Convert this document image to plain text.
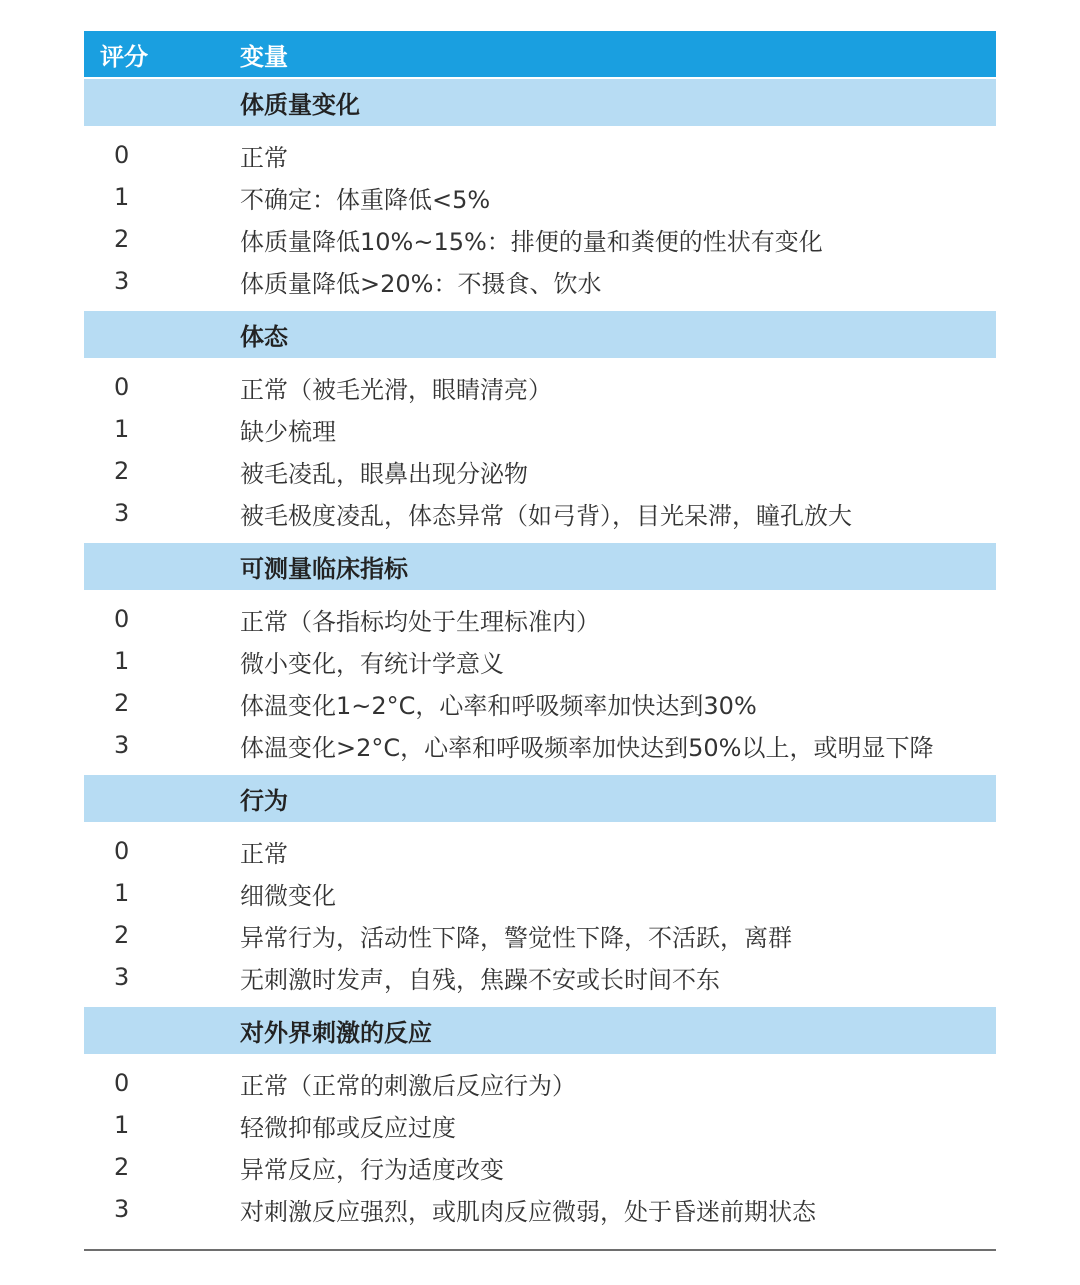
评分	变量
体质量变化
0	正常
1	不确定：体重降低<5%
2	体质量降低10%~15%：排便的量和粪便的性状有变化
3	体质量降低>20%：不摄食、饮水
体态
0	正常（被毛光滑，眼睛清亮）
1	缺少梳理
2	被毛凌乱，眼鼻出现分泌物
3	被毛极度凌乱，体态异常（如弓背），目光呆滞，瞳孔放大
可测量临床指标
0	正常（各指标均处于生理标准内）
1	微小变化，有统计学意义
2	体温变化1~2°C，心率和呼吸频率加快达到30%
3	体温变化>2°C，心率和呼吸频率加快达到50%以上，或明显下降
行为
0	正常
1	细微变化
2	异常行为，活动性下降，警觉性下降，不活跃，离群
3	无刺激时发声，自残，焦躁不安或长时间不东
对外界刺激的反应
0	正常（正常的刺激后反应行为）
1	轻微抑郁或反应过度
2	异常反应，行为适度改变
3	对刺激反应强烈，或肌肉反应微弱，处于昏迷前期状态
